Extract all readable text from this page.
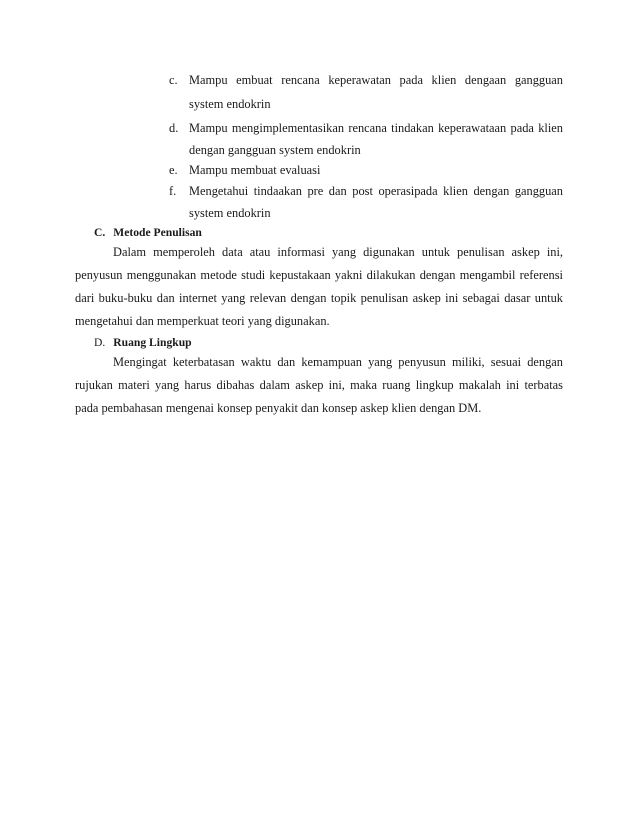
c. Mampu embuat rencana keperawatan pada klien dengaan gangguan
system endokrin
d. Mampu mengimplementasikan rencana tindakan keperawataan pada klien
dengan gangguan system endokrin
e. Mampu membuat evaluasi
f. Mengetahui tindaakan pre dan post operasipada klien dengan gangguan
system endokrin
C. Metode Penulisan
Dalam memperoleh data atau informasi yang digunakan untuk penulisan askep ini,
penyusun menggunakan metode studi kepustakaan yakni dilakukan dengan mengambil referensi
dari buku-buku dan internet yang relevan dengan topik penulisan askep ini sebagai dasar untuk
mengetahui dan memperkuat teori yang digunakan.
D. Ruang Lingkup
Mengingat keterbatasan waktu dan kemampuan yang penyusun miliki, sesuai dengan
rujukan materi yang harus dibahas dalam askep ini, maka ruang lingkup makalah ini terbatas
pada pembahasan mengenai konsep penyakit dan konsep askep klien dengan DM.
